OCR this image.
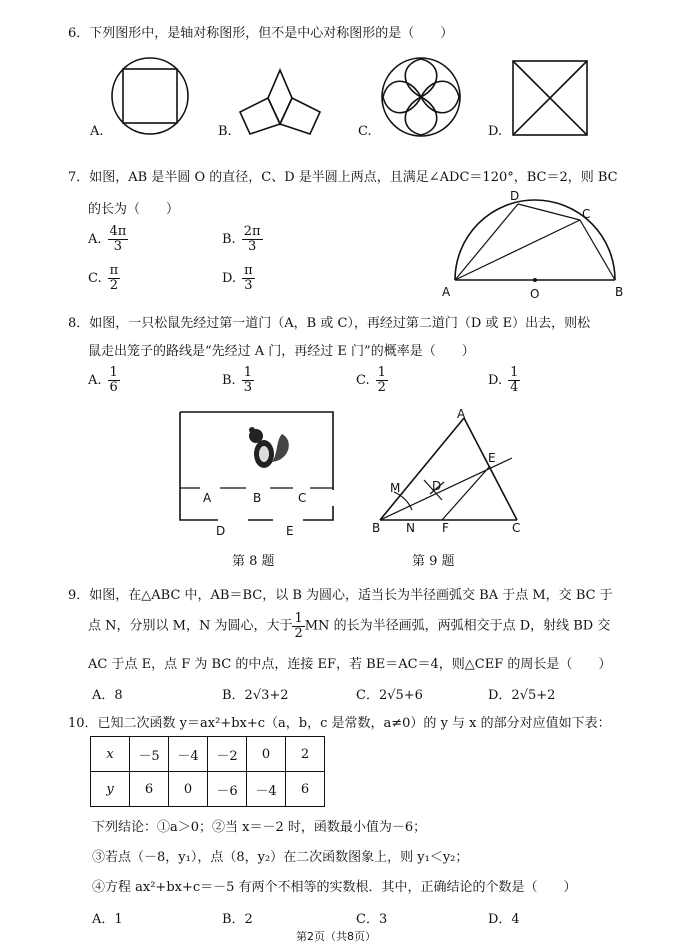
6．下列图形中，是轴对称图形，但不是中心对称图形的是（　　）
A.	B.	C.	D.
7．如图，AB 是半圆 O 的直径，C、D 是半圆上两点，且满足∠ADC＝120°，BC＝2，则 BC
的长为（　　）
A. $\frac{4\pi}{3}$	B. $\frac{2\pi}{3}$
C. $\frac{\pi}{2}$	D. $\frac{\pi}{3}$	A	O	B
D
C
8．如图，一只松鼠先经过第一道门（A，B 或 C），再经过第二道门（D 或 E）出去，则松
鼠走出笼子的路线是“先经过 A 门，再经过 E 门”的概率是（　　）
A. $\frac{1}{6}$	B. $\frac{1}{3}$	C. $\frac{1}{2}$	D. $\frac{1}{4}$
A	B	C
D	E
A
B	C
E
D
M
N F
第 8 题	第 9 题
9．如图，在△ABC 中，AB＝BC，以 B 为圆心，适当长为半径画弧交 BA 于点 M，交 BC 于
点 N，分别以 M，N 为圆心，大于 $\frac{1}{2}$ MN 的长为半径画弧，两弧相交于点 D，射线 BD 交
AC 于点 E，点 F 为 BC 的中点，连接 EF，若 BE＝AC＝4，则△CEF 的周长是（　　）
A．8	B．2√3+2	C．2√5+6	D．2√5+2
10．已知二次函数 y＝ax²+bx+c（a，b，c 是常数，a≠0）的 y 与 x 的部分对应值如下表：
x	－5	－4	－2	0	2
y	6	0	－6	－4	6
下列结论：①a＞0；②当 x＝－2 时，函数最小值为－6；
③若点（－8，y₁），点（8，y₂）在二次函数图象上，则 y₁＜y₂；
④方程 ax²+bx+c＝－5 有两个不相等的实数根．其中，正确结论的个数是（　　）
A．1	B．2	C．3	D．4
第2页（共8页）
